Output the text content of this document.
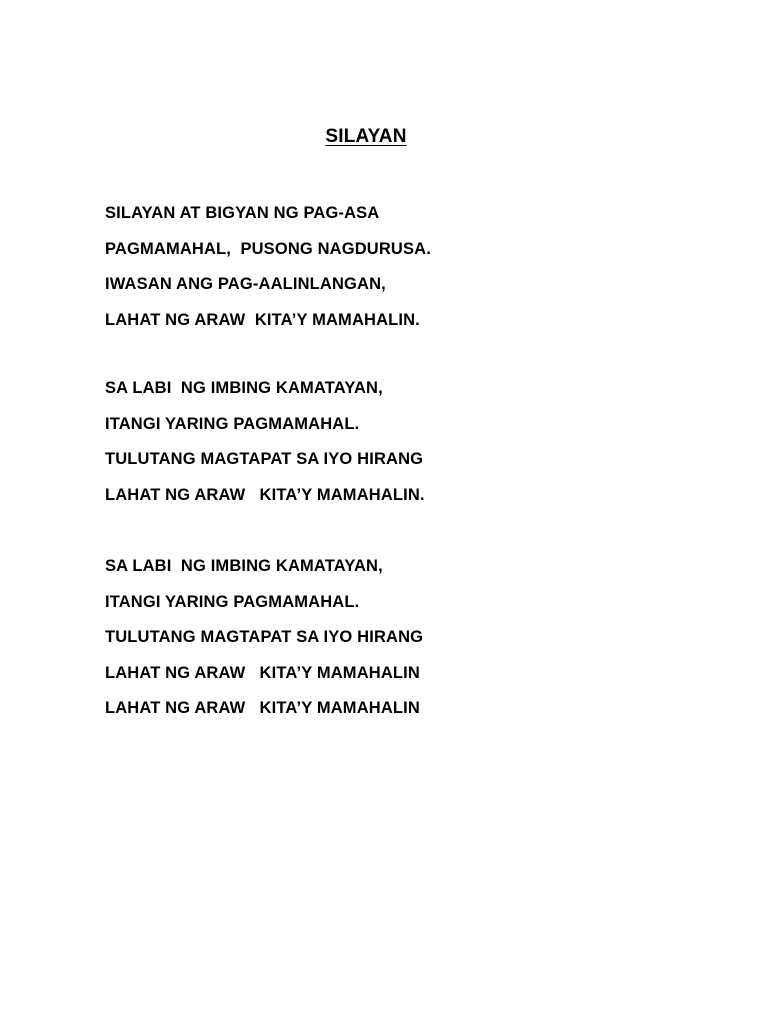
SILAYAN
SILAYAN AT BIGYAN NG PAG-ASA
PAGMAMAHAL,  PUSONG NAGDURUSA.
IWASAN ANG PAG-AALINLANGAN,
LAHAT NG ARAW  KITA’Y MAMAHALIN.
SA LABI  NG IMBING KAMATAYAN,
ITANGI YARING PAGMAMAHAL.
TULUTANG MAGTAPAT SA IYO HIRANG
LAHAT NG ARAW   KITA’Y MAMAHALIN.
SA LABI  NG IMBING KAMATAYAN,
ITANGI YARING PAGMAMAHAL.
TULUTANG MAGTAPAT SA IYO HIRANG
LAHAT NG ARAW   KITA’Y MAMAHALIN
LAHAT NG ARAW   KITA’Y MAMAHALIN
